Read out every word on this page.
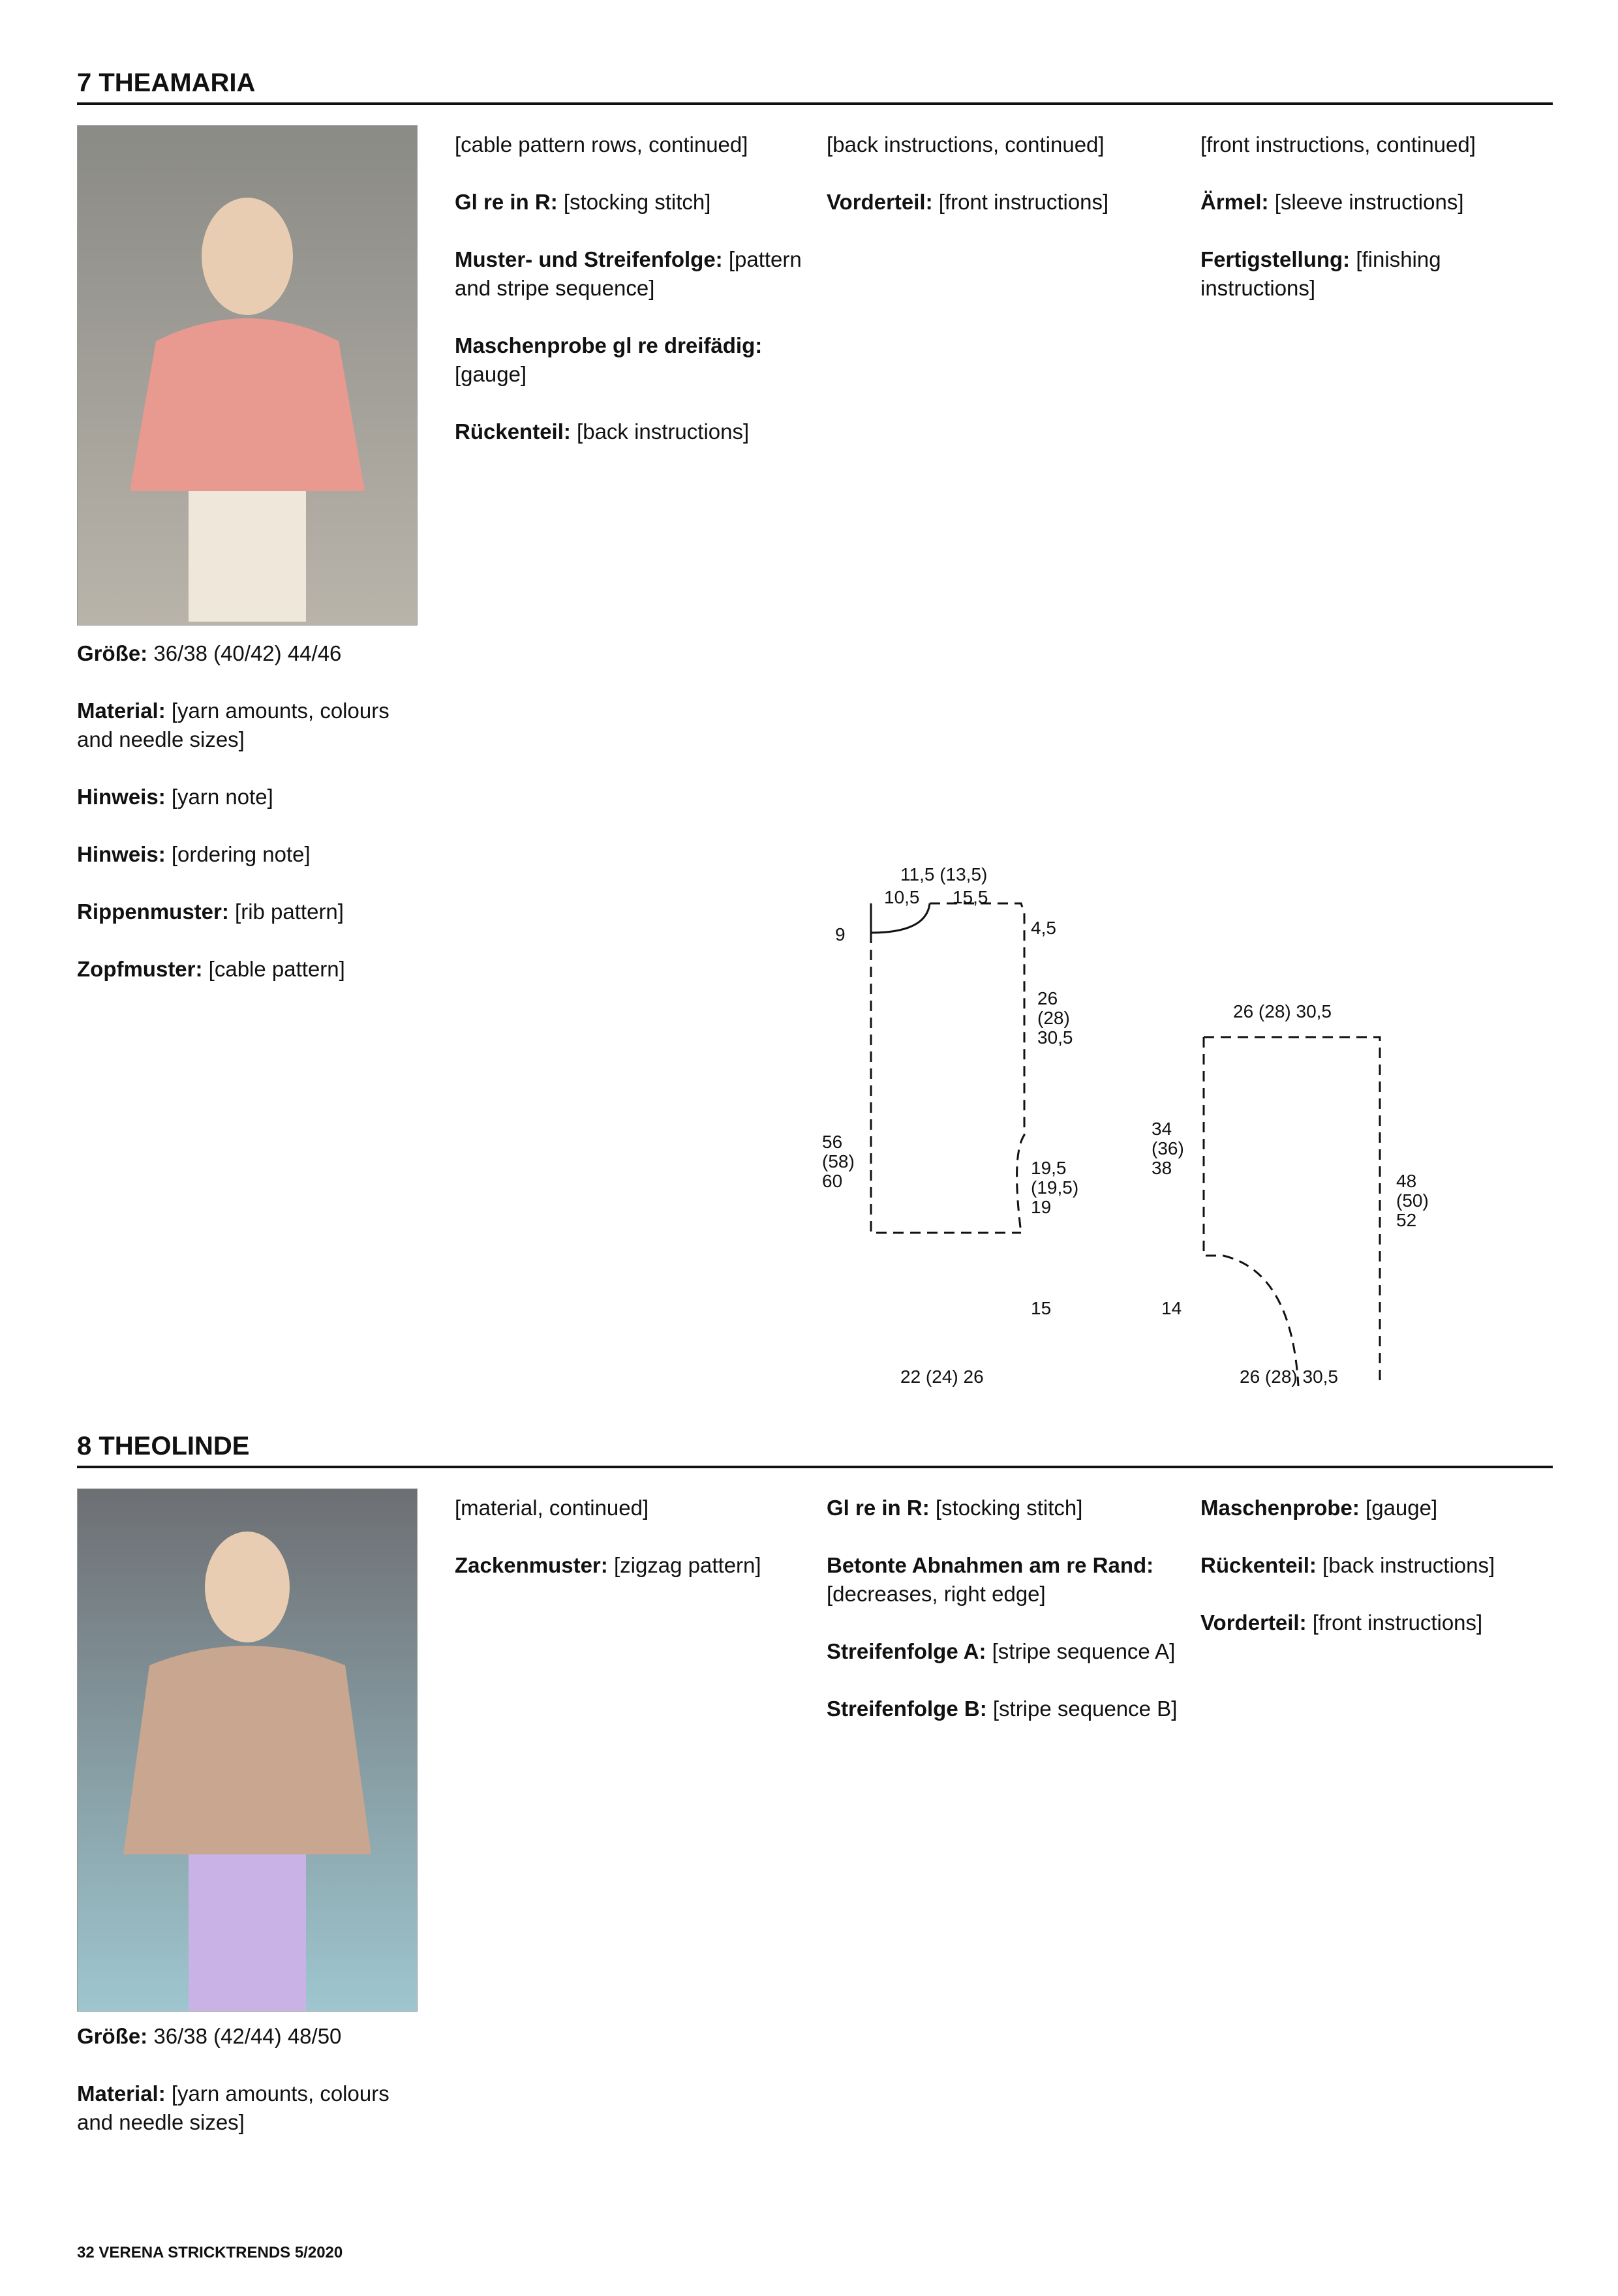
7 THEAMARIA
8 THEOLINDE

Größe: 36/38 (40/42) 44/46

Material: [yarn amounts, colours and needle sizes]

Hinweis: [yarn note]

Hinweis: [ordering note]

Rippenmuster: [rib pattern]

Zopfmuster: [cable pattern]

[cable pattern rows, continued]

Gl re in R: [stocking stitch]

Muster- und Streifenfolge: [pattern and stripe sequence]

Maschenprobe gl re dreifädig: [gauge]

Rückenteil: [back instructions]

[back instructions, continued]

Vorderteil: [front instructions]

[front instructions, continued]

Ärmel: [sleeve instructions]

Fertigstellung: [finishing instructions]

Größe: 36/38 (42/44) 48/50

Material: [yarn amounts, colours and needle sizes]

[material, continued]

Zackenmuster: [zigzag pattern]

Gl re in R: [stocking stitch]

Betonte Abnahmen am re Rand: [decreases, right edge]

Streifenfolge A: [stripe sequence A]

Streifenfolge B: [stripe sequence B]

Maschenprobe: [gauge]

Rückenteil: [back instructions]

Vorderteil: [front instructions]

11,5 (13,5)
10,5 15,5
9	4,5
26 (28) 30,5
19,5 (19,5) 19
56 (58) 60
15
22 (24) 26
26 (28) 30,5
34 (36) 38
14
48 (50) 52
26 (28) 30,5
32 VERENA STRICKTRENDS 5/2020
